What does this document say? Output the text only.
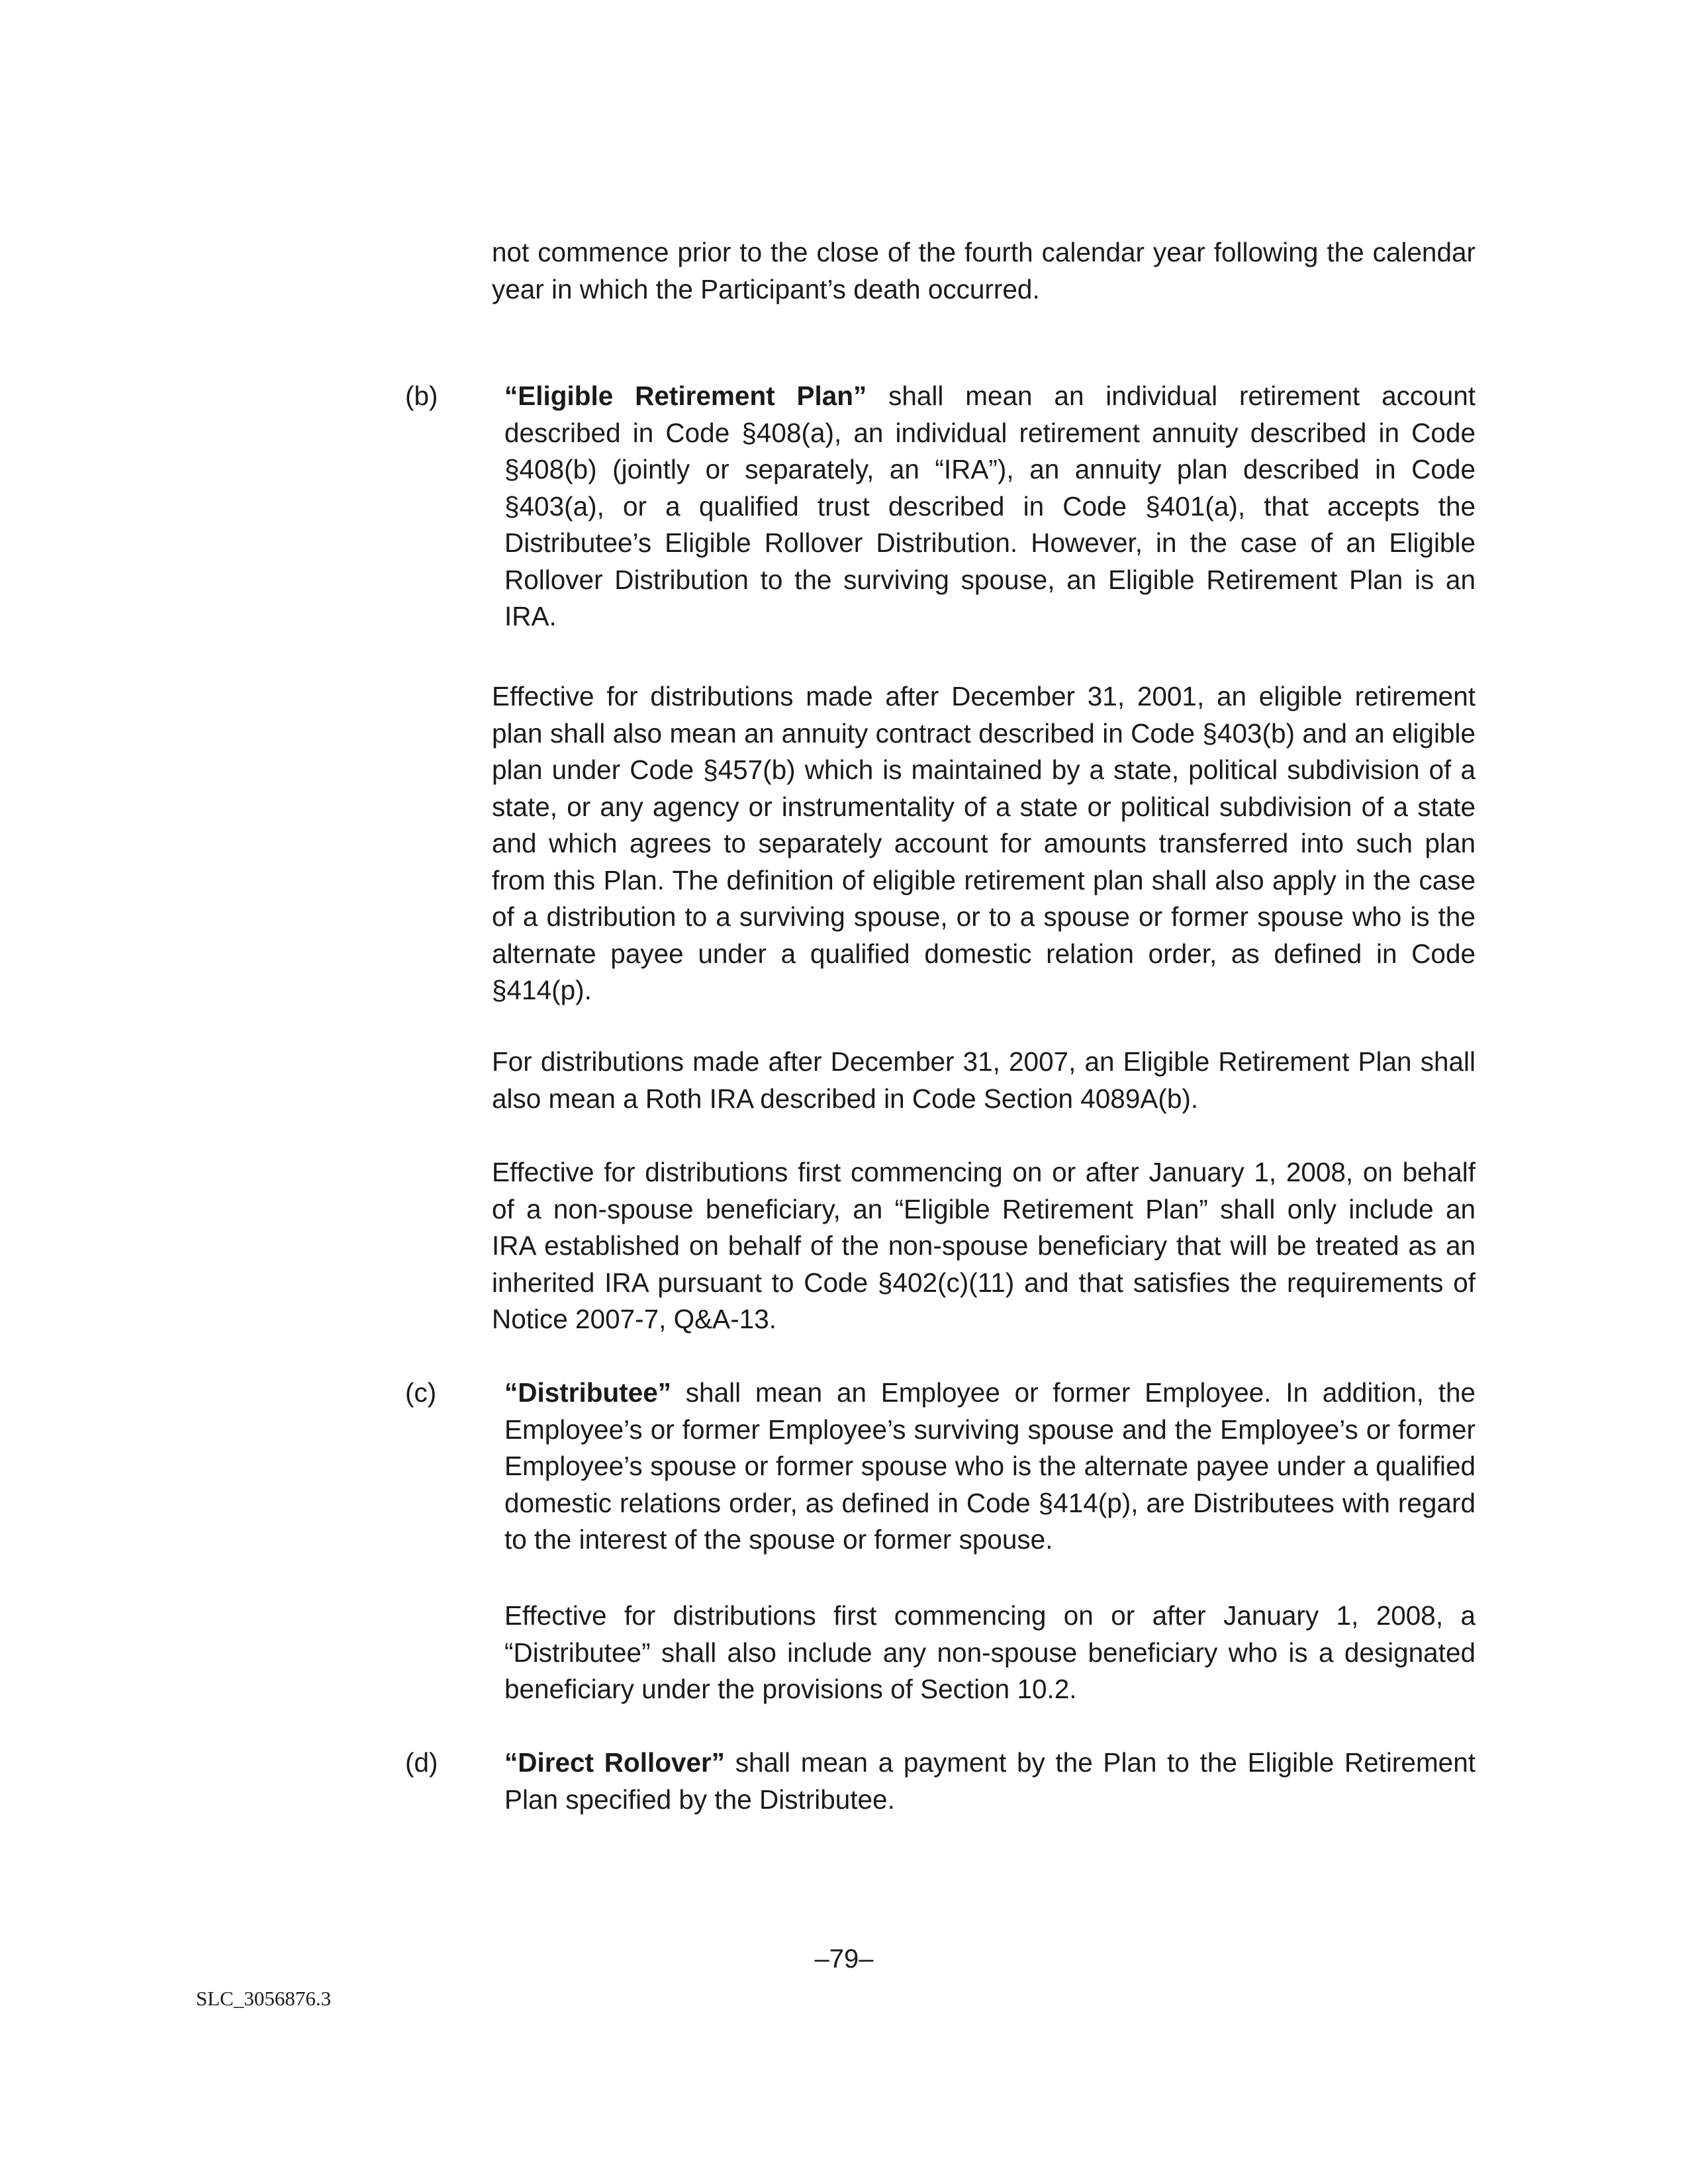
not commence prior to the close of the fourth calendar year following the calendar year in which the Participant’s death occurred.

(b) “Eligible Retirement Plan” shall mean an individual retirement account described in Code §408(a), an individual retirement annuity described in Code §408(b) (jointly or separately, an “IRA”), an annuity plan described in Code §403(a), or a qualified trust described in Code §401(a), that accepts the Distributee’s Eligible Rollover Distribution. However, in the case of an Eligible Rollover Distribution to the surviving spouse, an Eligible Retirement Plan is an IRA.

Effective for distributions made after December 31, 2001, an eligible retirement plan shall also mean an annuity contract described in Code §403(b) and an eligible plan under Code §457(b) which is maintained by a state, political subdivision of a state, or any agency or instrumentality of a state or political subdivision of a state and which agrees to separately account for amounts transferred into such plan from this Plan. The definition of eligible retirement plan shall also apply in the case of a distribution to a surviving spouse, or to a spouse or former spouse who is the alternate payee under a qualified domestic relation order, as defined in Code §414(p).

For distributions made after December 31, 2007, an Eligible Retirement Plan shall also mean a Roth IRA described in Code Section 4089A(b).

Effective for distributions first commencing on or after January 1, 2008, on behalf of a non-spouse beneficiary, an “Eligible Retirement Plan” shall only include an IRA established on behalf of the non-spouse beneficiary that will be treated as an inherited IRA pursuant to Code §402(c)(11) and that satisfies the requirements of Notice 2007-7, Q&A-13.

(c)	“Distributee” shall mean an Employee or former Employee. In addition, the Employee’s or former Employee’s surviving spouse and the Employee’s or former Employee’s spouse or former spouse who is the alternate payee under a qualified domestic relations order, as defined in Code §414(p), are Distributees with regard to the interest of the spouse or former spouse.

Effective for distributions first commencing on or after January 1, 2008, a “Distributee” shall also include any non-spouse beneficiary who is a designated beneficiary under the provisions of Section 10.2.

(d) “Direct Rollover” shall mean a payment by the Plan to the Eligible Retirement Plan specified by the Distributee.

–79–
SLC_3056876.3
